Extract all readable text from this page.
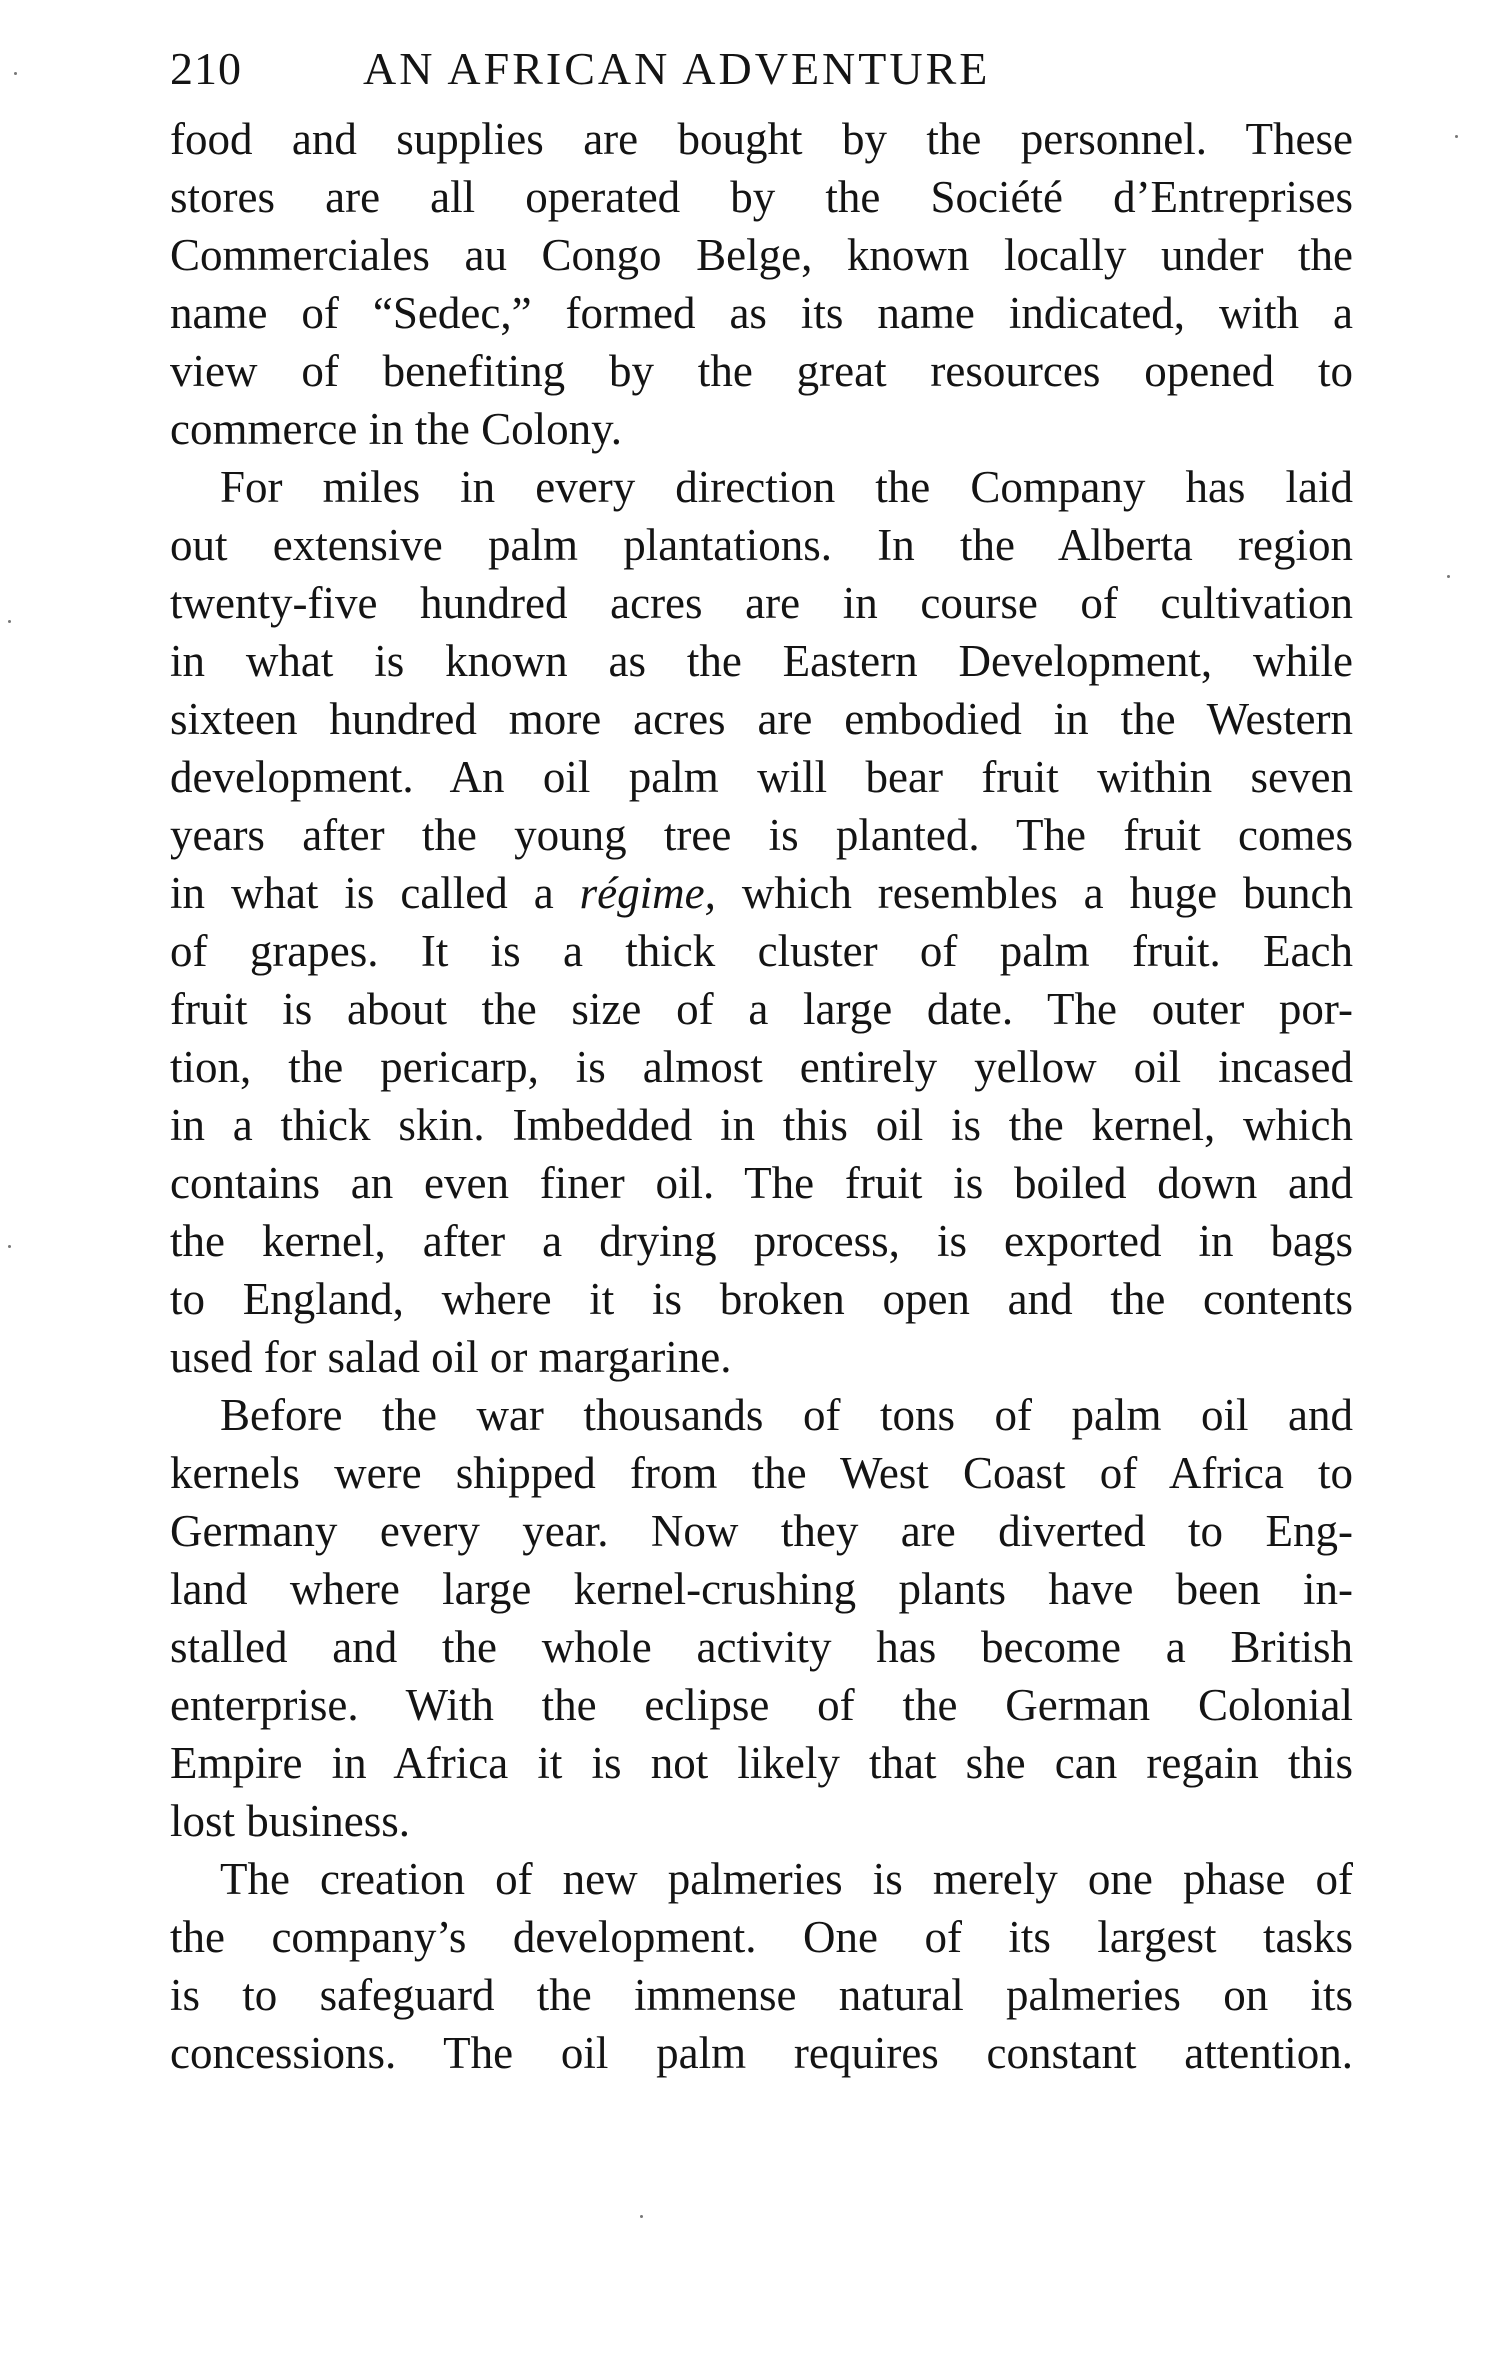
210	AN AFRICAN ADVENTURE
food and supplies are bought by the personnel. These
stores are all operated by the Société d’Entreprises
Commerciales au Congo Belge, known locally under the
name of “Sedec,” formed as its name indicated, with a
view of benefiting by the great resources opened to
commerce in the Colony.
For miles in every direction the Company has laid
out extensive palm plantations. In the Alberta region
twenty-five hundred acres are in course of cultivation
in what is known as the Eastern Development, while
sixteen hundred more acres are embodied in the Western
development. An oil palm will bear fruit within seven
years after the young tree is planted. The fruit comes
in what is called a régime, which resembles a huge bunch
of grapes. It is a thick cluster of palm fruit. Each
fruit is about the size of a large date. The outer por-
tion, the pericarp, is almost entirely yellow oil incased
in a thick skin. Imbedded in this oil is the kernel, which
contains an even finer oil. The fruit is boiled down and
the kernel, after a drying process, is exported in bags
to England, where it is broken open and the contents
used for salad oil or margarine.
Before the war thousands of tons of palm oil and
kernels were shipped from the West Coast of Africa to
Germany every year. Now they are diverted to Eng-
land where large kernel-crushing plants have been in-
stalled and the whole activity has become a British
enterprise. With the eclipse of the German Colonial
Empire in Africa it is not likely that she can regain this
lost business.
The creation of new palmeries is merely one phase of
the company’s development. One of its largest tasks
is to safeguard the immense natural palmeries on its
concessions. The oil palm requires constant attention.
